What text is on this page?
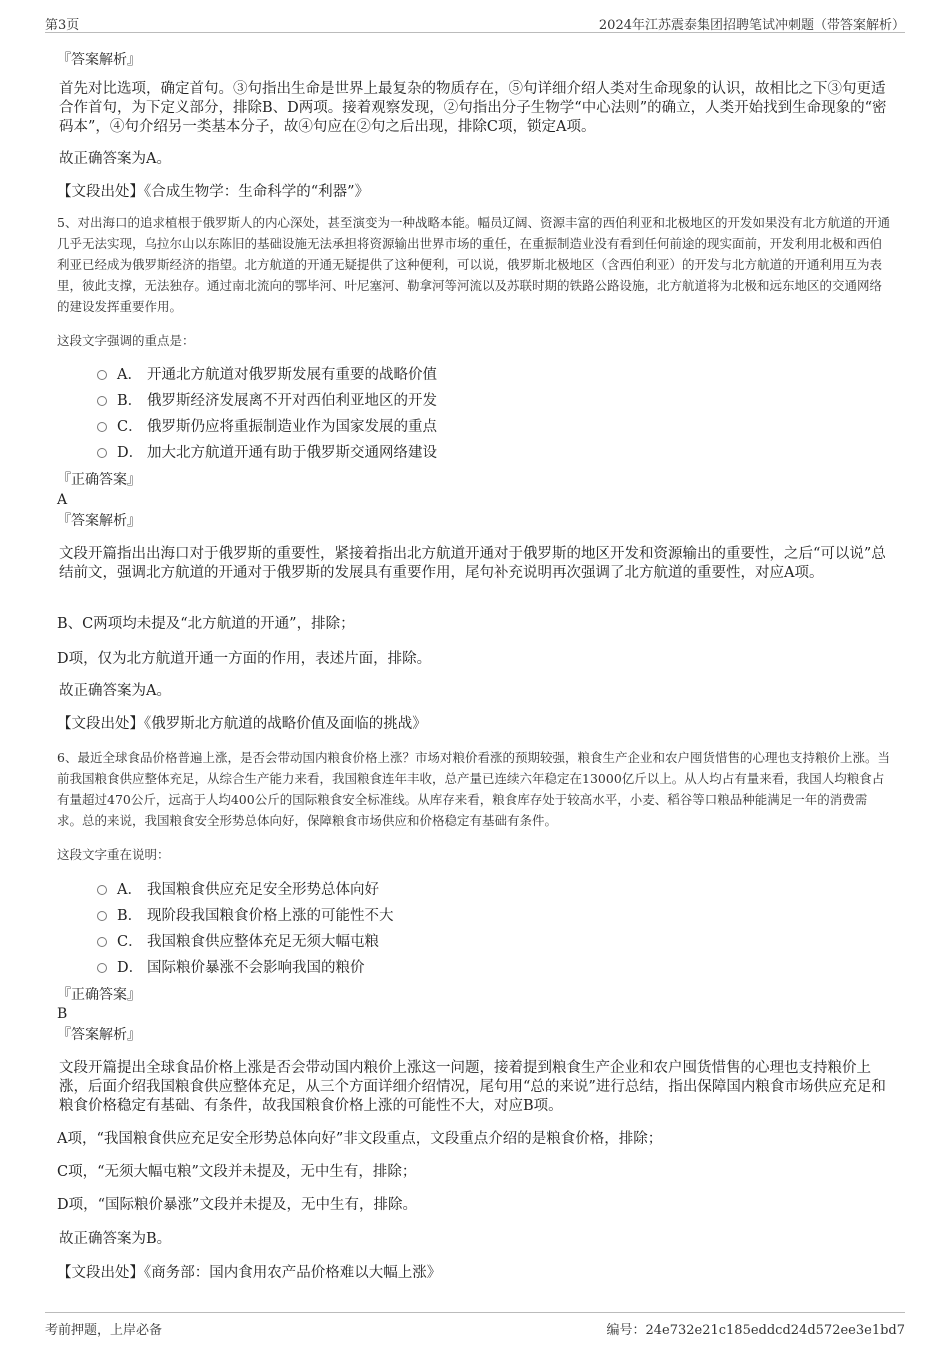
第3页	2024年江苏震泰集团招聘笔试冲刺题（带答案解析）
『答案解析』
首先对比选项，确定首句。③句指出生命是世界上最复杂的物质存在，⑤句详细介绍人类对生命现象的认识，故相比之下③句更适合作首句，为下定义部分，排除B、D两项。接着观察发现，②句指出分子生物学“中心法则”的确立，人类开始找到生命现象的“密码本”，④句介绍另一类基本分子，故④句应在②句之后出现，排除C项，锁定A项。
故正确答案为A。
【文段出处】《合成生物学：生命科学的“利器”》
5、对出海口的追求植根于俄罗斯人的内心深处，甚至演变为一种战略本能。幅员辽阔、资源丰富的西伯利亚和北极地区的开发如果没有北方航道的开通几乎无法实现，乌拉尔山以东陈旧的基础设施无法承担将资源输出世界市场的重任，在重振制造业没有看到任何前途的现实面前，开发利用北极和西伯利亚已经成为俄罗斯经济的指望。北方航道的开通无疑提供了这种便利，可以说，俄罗斯北极地区（含西伯利亚）的开发与北方航道的开通利用互为表里，彼此支撑，无法独存。通过南北流向的鄂毕河、叶尼塞河、勒拿河等河流以及苏联时期的铁路公路设施，北方航道将为北极和远东地区的交通网络的建设发挥重要作用。
这段文字强调的重点是：
A． 开通北方航道对俄罗斯发展有重要的战略价值
B． 俄罗斯经济发展离不开对西伯利亚地区的开发
C． 俄罗斯仍应将重振制造业作为国家发展的重点
D． 加大北方航道开通有助于俄罗斯交通网络建设
『正确答案』
A
『答案解析』
文段开篇指出出海口对于俄罗斯的重要性，紧接着指出北方航道开通对于俄罗斯的地区开发和资源输出的重要性，之后“可以说”总结前文，强调北方航道的开通对于俄罗斯的发展具有重要作用，尾句补充说明再次强调了北方航道的重要性，对应A项。
B、C两项均未提及“北方航道的开通”，排除；
D项，仅为北方航道开通一方面的作用，表述片面，排除。
故正确答案为A。
【文段出处】《俄罗斯北方航道的战略价值及面临的挑战》
6、最近全球食品价格普遍上涨，是否会带动国内粮食价格上涨？市场对粮价看涨的预期较强，粮食生产企业和农户囤货惜售的心理也支持粮价上涨。当前我国粮食供应整体充足，从综合生产能力来看，我国粮食连年丰收，总产量已连续六年稳定在13000亿斤以上。从人均占有量来看，我国人均粮食占有量超过470公斤，远高于人均400公斤的国际粮食安全标准线。从库存来看，粮食库存处于较高水平，小麦、稻谷等口粮品种能满足一年的消费需求。总的来说，我国粮食安全形势总体向好，保障粮食市场供应和价格稳定有基础有条件。
这段文字重在说明：
A． 我国粮食供应充足安全形势总体向好
B． 现阶段我国粮食价格上涨的可能性不大
C． 我国粮食供应整体充足无须大幅屯粮
D． 国际粮价暴涨不会影响我国的粮价
『正确答案』
B
『答案解析』
文段开篇提出全球食品价格上涨是否会带动国内粮价上涨这一问题，接着提到粮食生产企业和农户囤货惜售的心理也支持粮价上涨，后面介绍我国粮食供应整体充足，从三个方面详细介绍情况，尾句用“总的来说”进行总结，指出保障国内粮食市场供应充足和粮食价格稳定有基础、有条件，故我国粮食价格上涨的可能性不大，对应B项。
A项，“我国粮食供应充足安全形势总体向好”非文段重点，文段重点介绍的是粮食价格，排除；
C项，“无须大幅屯粮”文段并未提及，无中生有，排除；
D项，“国际粮价暴涨”文段并未提及，无中生有，排除。
故正确答案为B。
【文段出处】《商务部：国内食用农产品价格难以大幅上涨》
考前押题，上岸必备	编号：24e732e21c185eddcd24d572ee3e1bd7
